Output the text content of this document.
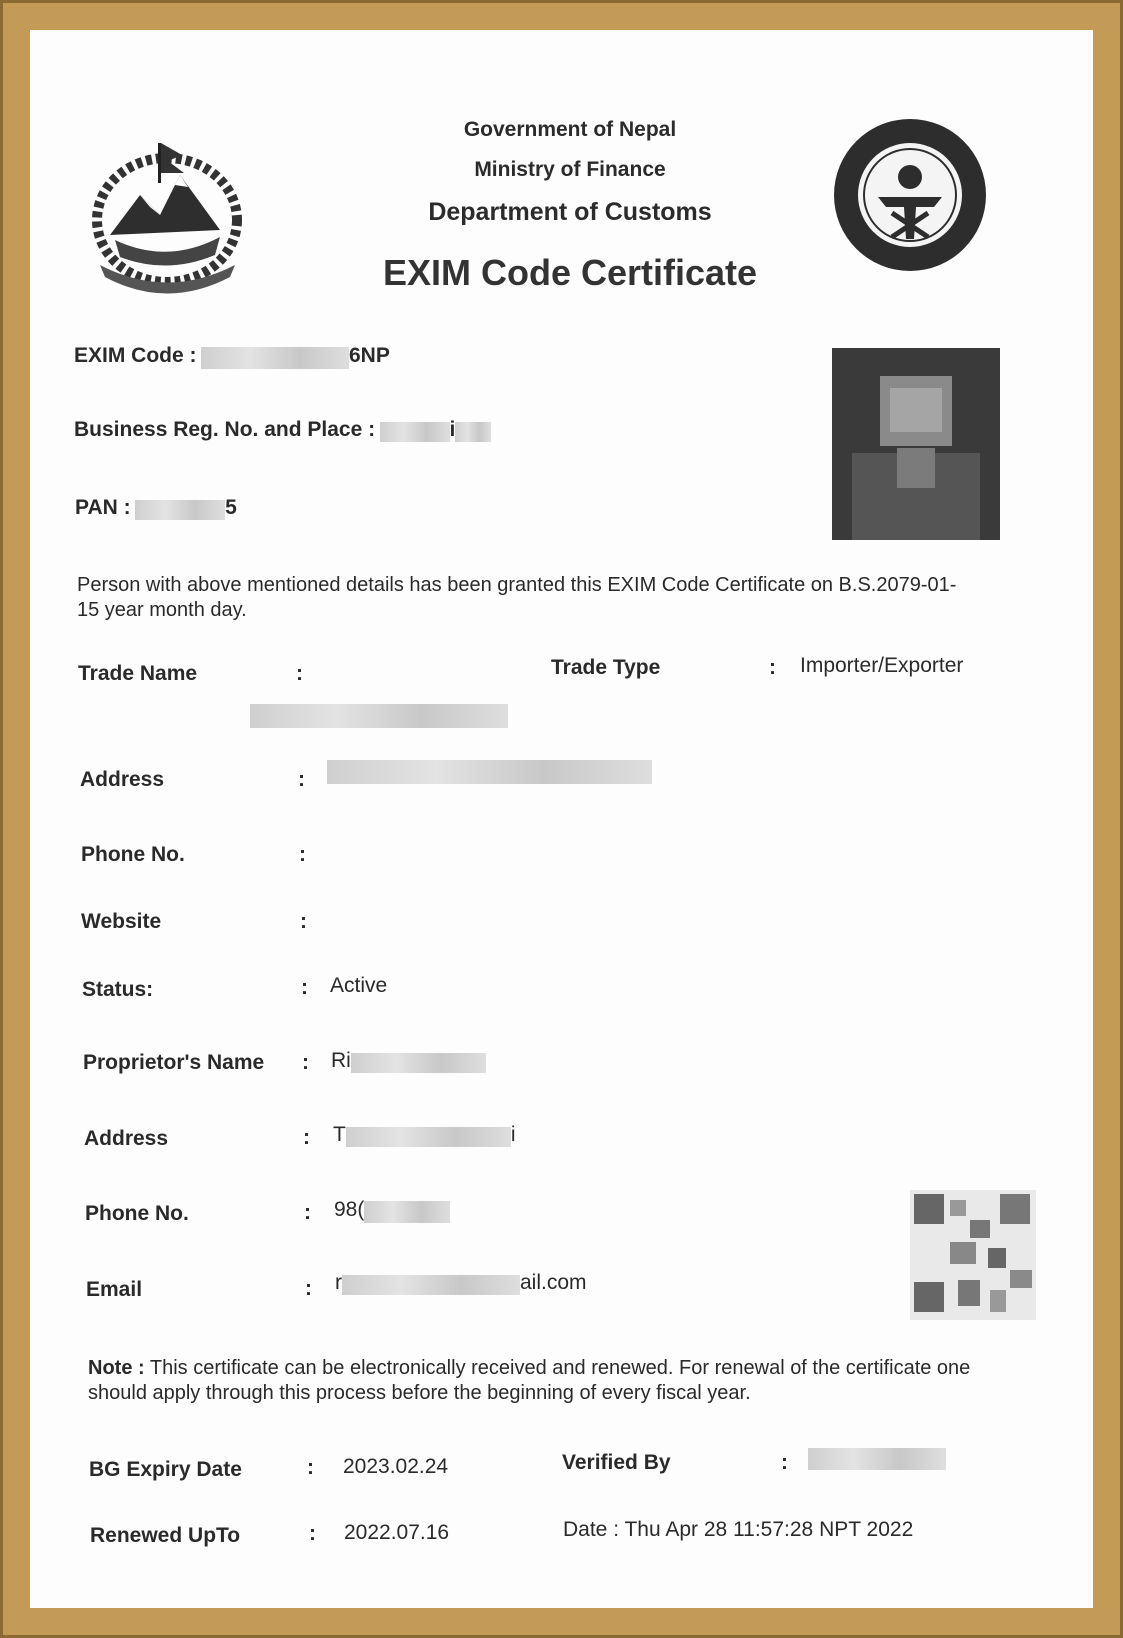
Government of Nepal
Ministry of Finance
Department of Customs
EXIM Code Certificate
EXIM Code :	6NP
Business Reg. No. and Place :	i
PAN :	5
Person with above mentioned details has been granted this EXIM Code Certificate on B.S.2079-01-15 year month day.
Trade Name	:	Trade Type	: Importer/Exporter
Address	:
Phone No.	:
Website	:
Status:	: Active
Proprietor's Name : Ri
Address	: T	i
Phone No.	: 98(
Email	: r	ail.com
Note : This certificate can be electronically received and renewed. For renewal of the certificate one should apply through this process before the beginning of every fiscal year.
BG Expiry Date	: 2023.02.24	Verified By	:
Renewed UpTo	: 2022.07.16	Date : Thu Apr 28 11:57:28 NPT 2022
